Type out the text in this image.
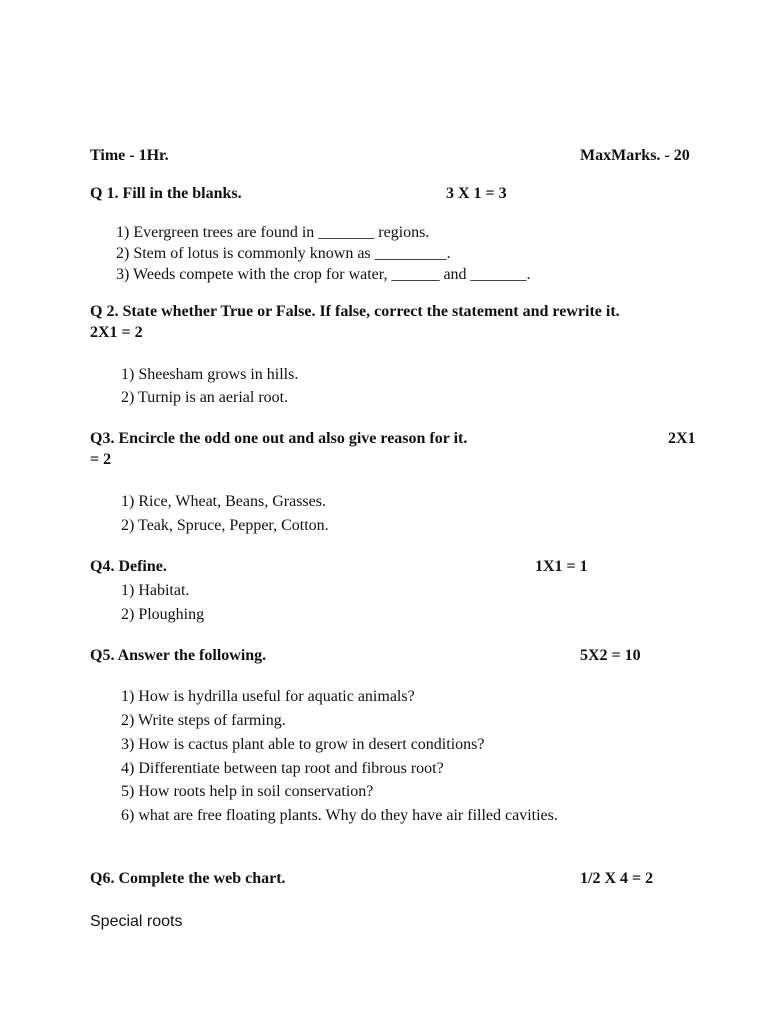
Time - 1Hr.	MaxMarks. - 20
Q 1. Fill in the blanks.	3 X 1 = 3
1) Evergreen trees are found in _______ regions.
2) Stem of lotus is commonly known as _________.
3) Weeds compete with the crop for water, ______ and _______.
Q 2. State whether True or False. If false, correct the statement and rewrite it.
2X1 = 2
1) Sheesham grows in hills.
2) Turnip is an aerial root.
Q3. Encircle the odd one out and also give reason for it.	2X1
= 2
1) Rice, Wheat, Beans, Grasses.
2) Teak, Spruce, Pepper, Cotton.
Q4. Define.	1X1 = 1
1) Habitat.
2) Ploughing
Q5. Answer the following.	5X2 = 10
1) How is hydrilla useful for aquatic animals?
2) Write steps of farming.
3) How is cactus plant able to grow in desert conditions?
4) Differentiate between tap root and fibrous root?
5) How roots help in soil conservation?
6) what are free floating plants. Why do they have air filled cavities.
Q6. Complete the web chart.	1/2 X 4 = 2
Special roots
